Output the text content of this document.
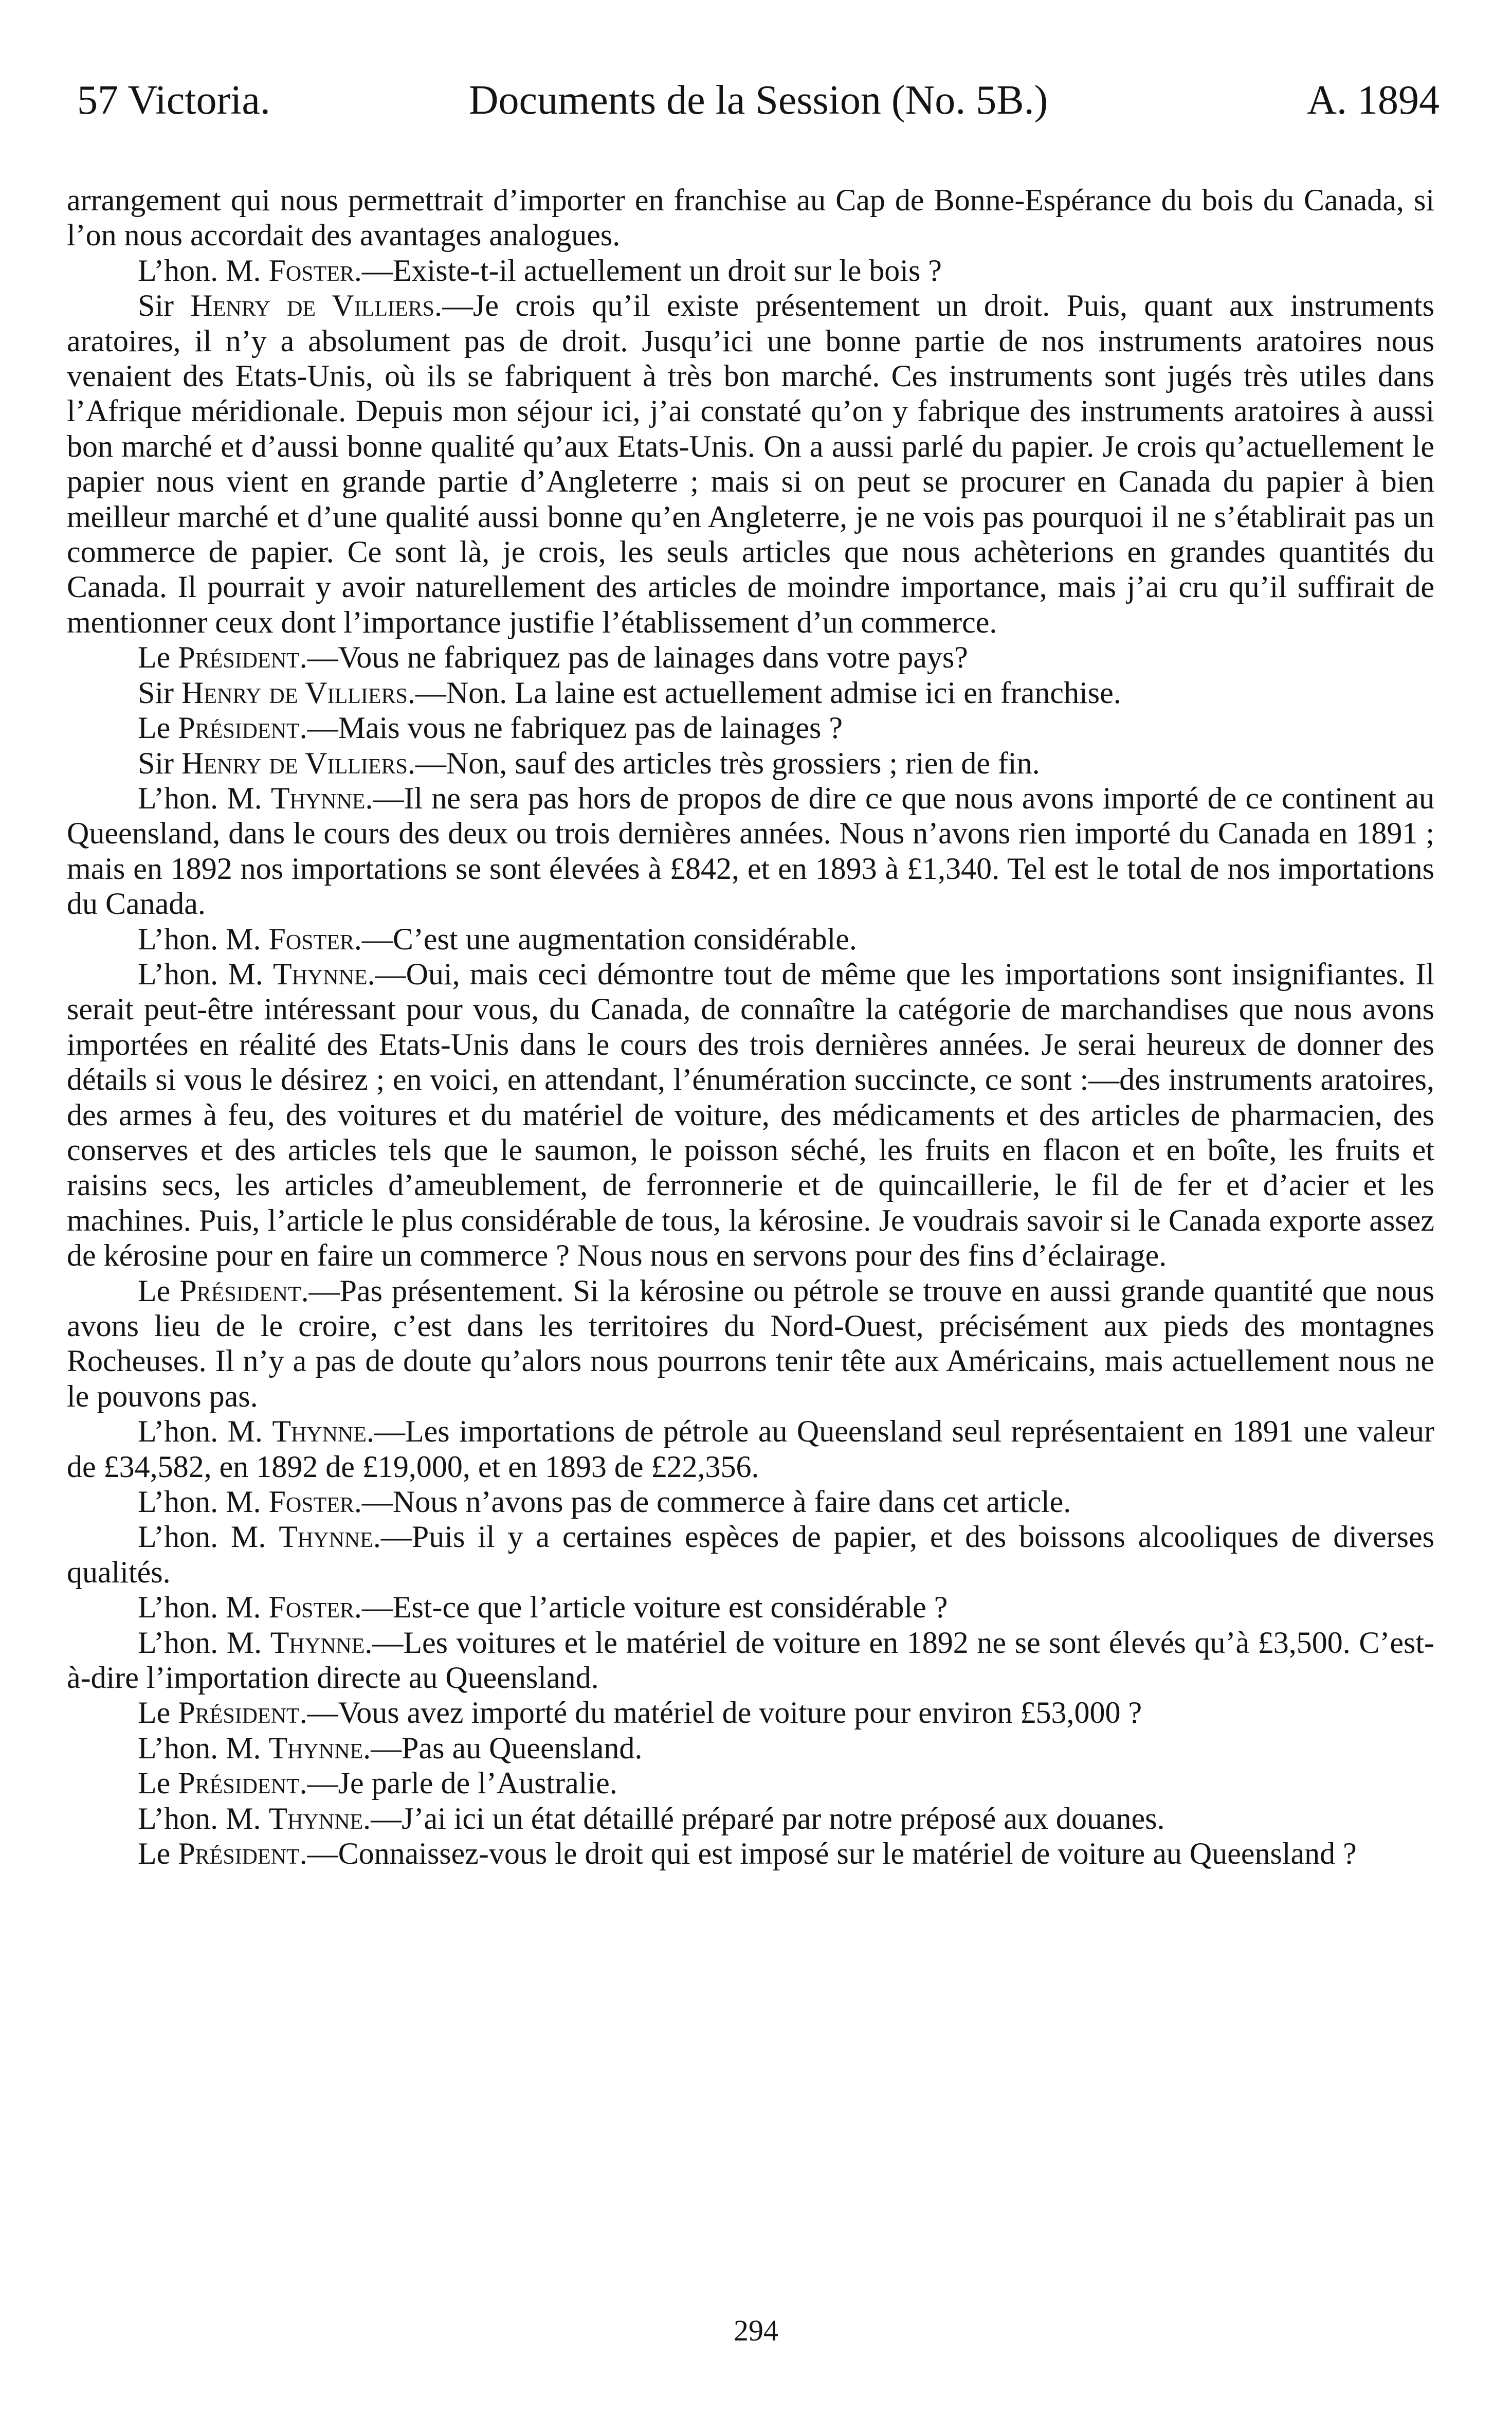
57 Victoria.	Documents de la Session (No. 5B.)	A. 1894

arrangement qui nous permettrait d’importer en franchise au Cap de Bonne-Espérance du bois du Canada, si l’on nous accordait des avantages analogues.

L’hon. M. Foster.—Existe-t-il actuellement un droit sur le bois ?

Sir Henry de Villiers.—Je crois qu’il existe présentement un droit. Puis, quant aux instruments aratoires, il n’y a absolument pas de droit. Jusqu’ici une bonne partie de nos instruments aratoires nous venaient des Etats-Unis, où ils se fabriquent à très bon marché. Ces instruments sont jugés très utiles dans l’Afrique méridionale. Depuis mon séjour ici, j’ai constaté qu’on y fabrique des instruments aratoires à aussi bon marché et d’aussi bonne qualité qu’aux Etats-Unis. On a aussi parlé du papier. Je crois qu’actuellement le papier nous vient en grande partie d’Angleterre ; mais si on peut se procurer en Canada du papier à bien meilleur marché et d’une qualité aussi bonne qu’en Angleterre, je ne vois pas pourquoi il ne s’établirait pas un commerce de papier. Ce sont là, je crois, les seuls articles que nous achèterions en grandes quantités du Canada. Il pourrait y avoir naturellement des articles de moindre importance, mais j’ai cru qu’il suffirait de mentionner ceux dont l’importance justifie l’établissement d’un commerce.

Le Président.—Vous ne fabriquez pas de lainages dans votre pays?

Sir Henry de Villiers.—Non. La laine est actuellement admise ici en franchise.

Le Président.—Mais vous ne fabriquez pas de lainages ?

Sir Henry de Villiers.—Non, sauf des articles très grossiers ; rien de fin.

L’hon. M. Thynne.—Il ne sera pas hors de propos de dire ce que nous avons importé de ce continent au Queensland, dans le cours des deux ou trois dernières années. Nous n’avons rien importé du Canada en 1891 ; mais en 1892 nos importations se sont élevées à £842, et en 1893 à £1,340. Tel est le total de nos importations du Canada.

L’hon. M. Foster.—C’est une augmentation considérable.

L’hon. M. Thynne.—Oui, mais ceci démontre tout de même que les importations sont insignifiantes. Il serait peut-être intéressant pour vous, du Canada, de connaître la catégorie de marchandises que nous avons importées en réalité des Etats-Unis dans le cours des trois dernières années. Je serai heureux de donner des détails si vous le désirez ; en voici, en attendant, l’énumération succincte, ce sont :—des instruments aratoires, des armes à feu, des voitures et du matériel de voiture, des médicaments et des articles de pharmacien, des conserves et des articles tels que le saumon, le poisson séché, les fruits en flacon et en boîte, les fruits et raisins secs, les articles d’ameublement, de ferronnerie et de quincaillerie, le fil de fer et d’acier et les machines. Puis, l’article le plus considérable de tous, la kérosine. Je voudrais savoir si le Canada exporte assez de kérosine pour en faire un commerce ? Nous nous en servons pour des fins d’éclairage.

Le Président.—Pas présentement. Si la kérosine ou pétrole se trouve en aussi grande quantité que nous avons lieu de le croire, c’est dans les territoires du Nord-Ouest, précisément aux pieds des montagnes Rocheuses. Il n’y a pas de doute qu’alors nous pourrons tenir tête aux Américains, mais actuellement nous ne le pouvons pas.

L’hon. M. Thynne.—Les importations de pétrole au Queensland seul représentaient en 1891 une valeur de £34,582, en 1892 de £19,000, et en 1893 de £22,356.

L’hon. M. Foster.—Nous n’avons pas de commerce à faire dans cet article.

L’hon. M. Thynne.—Puis il y a certaines espèces de papier, et des boissons alcooliques de diverses qualités.

L’hon. M. Foster.—Est-ce que l’article voiture est considérable ?

L’hon. M. Thynne.—Les voitures et le matériel de voiture en 1892 ne se sont élevés qu’à £3,500. C’est-à-dire l’importation directe au Queensland.

Le Président.—Vous avez importé du matériel de voiture pour environ £53,000 ?

L’hon. M. Thynne.—Pas au Queensland.

Le Président.—Je parle de l’Australie.

L’hon. M. Thynne.—J’ai ici un état détaillé préparé par notre préposé aux douanes.

Le Président.—Connaissez-vous le droit qui est imposé sur le matériel de voiture au Queensland ?

294
